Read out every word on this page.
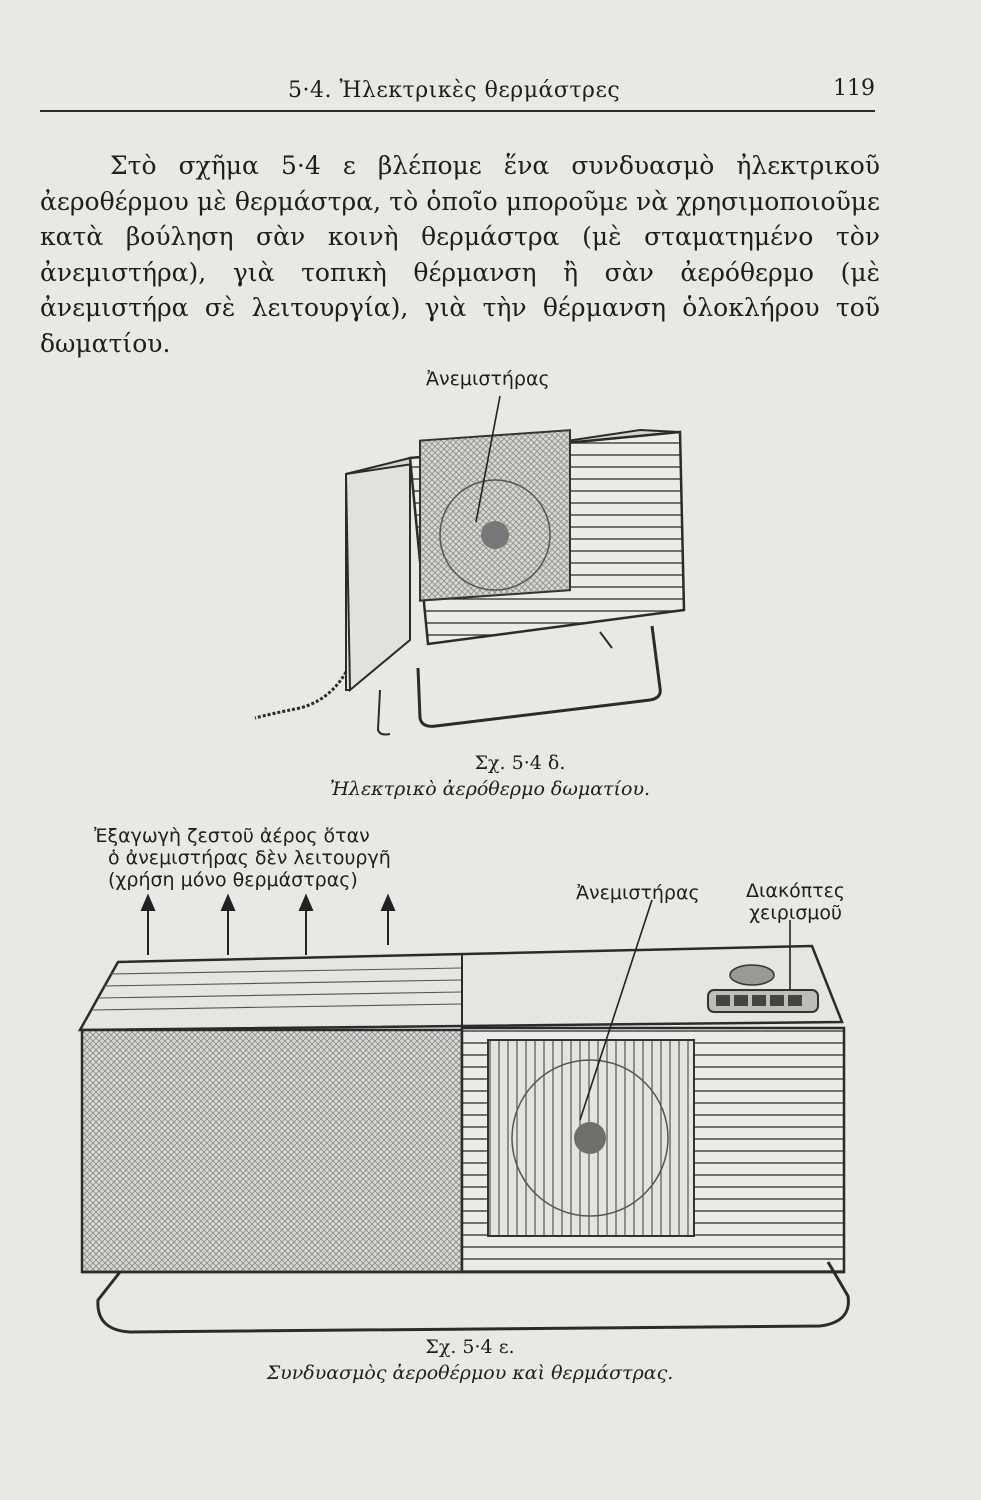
5·4. Ἠλεκτρικὲς θερμάστρες	119

Στὸ σχῆμα 5·4 ε βλέπομε ἕνα συνδυασμὸ ἠλεκτρικοῦ ἀεροθέρμου μὲ θερμάστρα, τὸ ὁποῖο μποροῦμε νὰ χρησιμοποιοῦμε κατὰ βούληση σὰν κοινὴ θερμάστρα (μὲ σταματημένο τὸν ἀνεμιστήρα), γιὰ τοπικὴ θέρμανση ἢ σὰν ἀερόθερμο (μὲ ἀνεμιστήρα σὲ λειτουργία), γιὰ τὴν θέρμανση ὁλοκλήρου τοῦ δωματίου.

Ἀνεμιστήρας
Σχ. 5·4 δ.
Ἠλεκτρικὸ ἀερόθερμο δωματίου.
Ἐξαγωγὴ ζεστοῦ ἀέρος ὅταν
ὁ ἀνεμιστήρας δὲν λειτουργῆ
(χρήση μόνο θερμάστρας)
Ἀνεμιστήρας Διακόπτες
χειρισμοῦ
Σχ. 5·4 ε.
Συνδυασμὸς ἀεροθέρμου καὶ θερμάστρας.
